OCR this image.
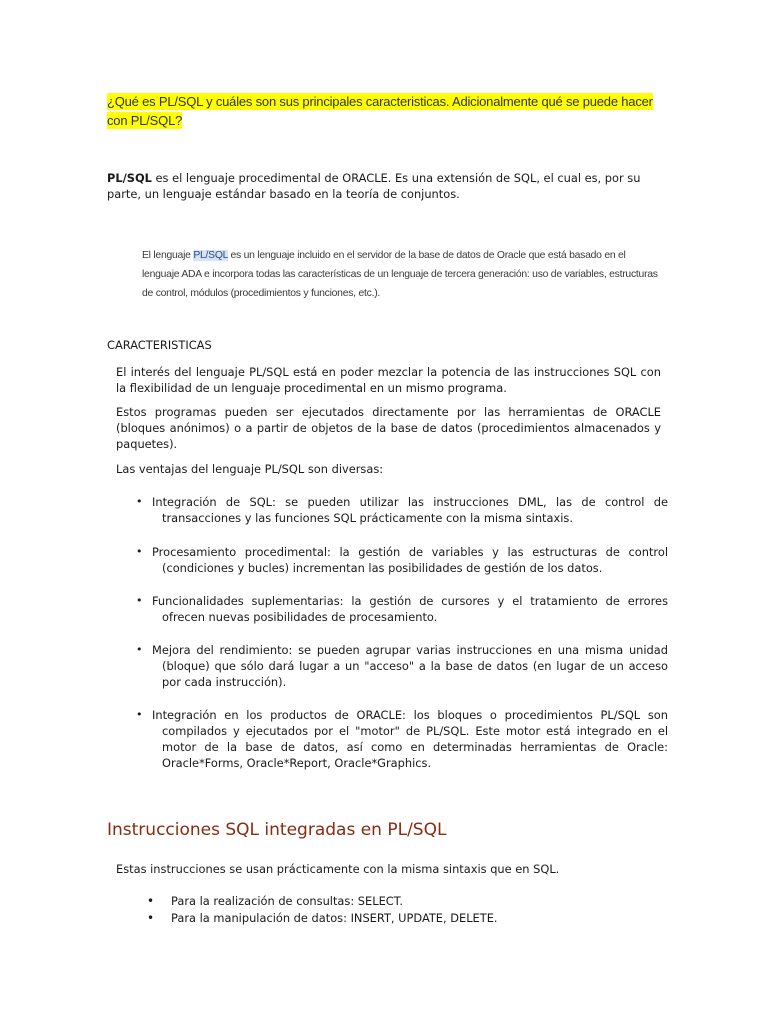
¿Qué es PL/SQL y cuáles son sus principales caracteristicas. Adicionalmente qué se puede hacer con PL/SQL?
PL/SQL es el lenguaje procedimental de ORACLE. Es una extensión de SQL, el cual es, por su parte, un lenguaje estándar basado en la teoría de conjuntos.
El lenguaje PL/SQL es un lenguaje incluido en el servidor de la base de datos de Oracle que está basado en el lenguaje ADA e incorpora todas las características de un lenguaje de tercera generación: uso de variables, estructuras de control, módulos (procedimientos y funciones, etc.).
CARACTERISTICAS
El interés del lenguaje PL/SQL está en poder mezclar la potencia de las instrucciones SQL con la flexibilidad de un lenguaje procedimental en un mismo programa.
Estos programas pueden ser ejecutados directamente por las herramientas de ORACLE (bloques anónimos) o a partir de objetos de la base de datos (procedimientos almacenados y paquetes).
Las ventajas del lenguaje PL/SQL son diversas:
• Integración de SQL: se pueden utilizar las instrucciones DML, las de control de transacciones y las funciones SQL prácticamente con la misma sintaxis.
• Procesamiento procedimental: la gestión de variables y las estructuras de control (condiciones y bucles) incrementan las posibilidades de gestión de los datos.
• Funcionalidades suplementarias: la gestión de cursores y el tratamiento de errores ofrecen nuevas posibilidades de procesamiento.
• Mejora del rendimiento: se pueden agrupar varias instrucciones en una misma unidad (bloque) que sólo dará lugar a un "acceso" a la base de datos (en lugar de un acceso por cada instrucción).
• Integración en los productos de ORACLE: los bloques o procedimientos PL/SQL son compilados y ejecutados por el "motor" de PL/SQL. Este motor está integrado en el motor de la base de datos, así como en determinadas herramientas de Oracle: Oracle*Forms, Oracle*Report, Oracle*Graphics.
Instrucciones SQL integradas en PL/SQL
Estas instrucciones se usan prácticamente con la misma sintaxis que en SQL.
• Para la realización de consultas: SELECT.
• Para la manipulación de datos: INSERT, UPDATE, DELETE.
